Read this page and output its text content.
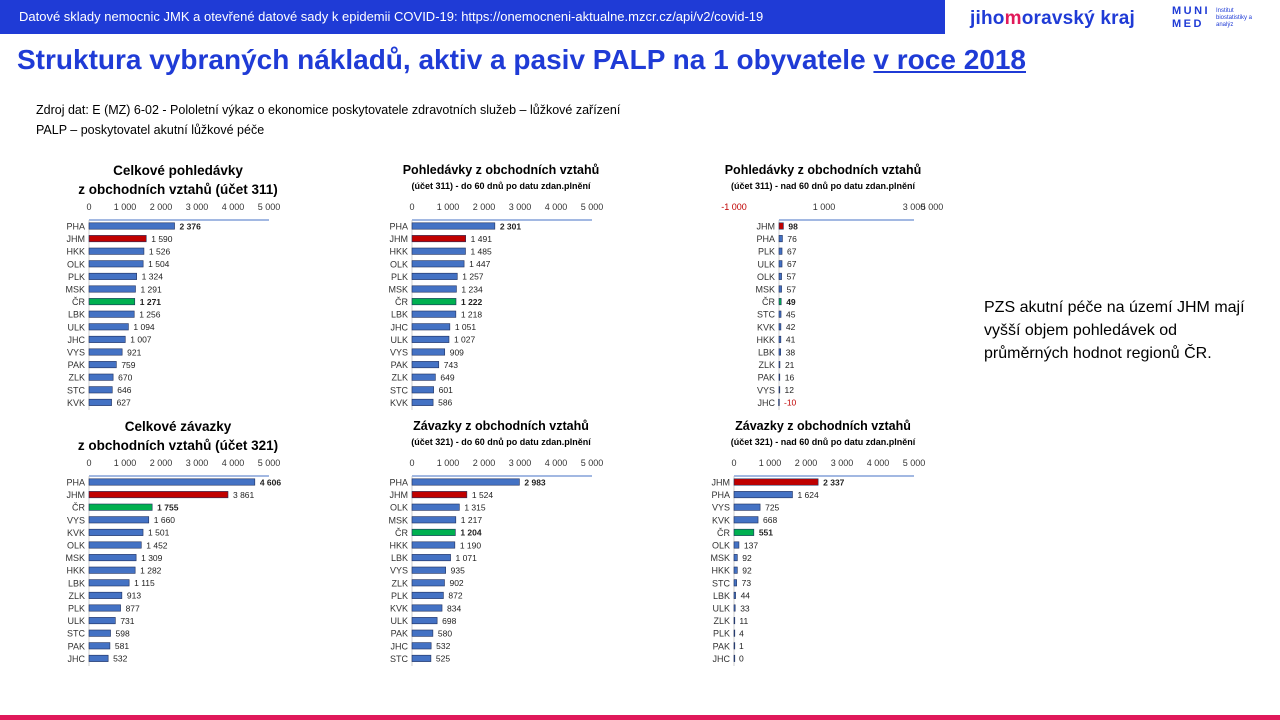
Datové sklady nemocnic JMK a otevřené datové sady k epidemii COVID-19: https://onemocneni-aktualne.mzcr.cz/api/v2/covid-19	jihomoravský kraj	MUNI MED
Institut biostatistiky a analýz
Struktura vybraných nákladů, aktiv a pasiv PALP na 1 obyvatele v roce 2018
Zdroj dat: E (MZ) 6-02 - Pololetní výkaz o ekonomice poskytovatele zdravotních služeb – lůžkové zařízení
PALP – poskytovatel akutní lůžkové péče
Celkové pohledávky
z obchodních vztahů (účet 311)
0 1 000 2 000 3 000 4 000 5 000
PHA	2 376
JHM	1 590
HKK	1 526
OLK	1 504
PLK	1 324
MSK	1 291
ČR	1 271
LBK	1 256
ULK	1 094
JHC	1 007
VYS	921
PAK	759
ZLK	670
STC	646
KVK	627
Pohledávky z obchodních vztahů
(účet 311) - do 60 dnů po datu zdan.plnění
0 1 000 2 000 3 000 4 000 5 000
PHA	2 301
JHM	1 491
HKK	1 485
OLK	1 447
PLK	1 257
MSK	1 234
ČR	1 222
LBK	1 218
JHC	1 051
ULK	1 027
VYS	909
PAK	743
ZLK	649
STC	601
KVK	586
Pohledávky z obchodních vztahů
(účet 311) - nad 60 dnů po datu zdan.plnění
-1 000	1 000	3 000
5 000
JHM 98
PHA 76
PLK 67
ULK 67
OLK 57
MSK 57
ČR 49
STC 45
KVK 42
HKK 41
LBK 38
ZLK 21
PAK 16
VYS 12
JHC -10
Celkové závazky
z obchodních vztahů (účet 321)
0 1 000 2 000 3 000 4 000 5 000
PHA	4 606
JHM	3 861
ČR	1 755
VYS	1 660
KVK	1 501
OLK	1 452
MSK	1 309
HKK	1 282
LBK	1 115
ZLK	913
PLK	877
ULK	731
STC	598
PAK	581
JHC	532
Závazky z obchodních vztahů
(účet 321) - do 60 dnů po datu zdan.plnění
0 1 000 2 000 3 000 4 000 5 000
PHA	2 983
JHM	1 524
OLK	1 315
MSK	1 217
ČR	1 204
HKK	1 190
LBK	1 071
VYS	935
ZLK	902
PLK	872
KVK	834
ULK	698
PAK	580
JHC	532
STC	525
Závazky z obchodních vztahů
(účet 321) - nad 60 dnů po datu zdan.plnění
0 1 000 2 000 3 000 4 000 5 000
JHM	2 337
PHA	1 624
VYS	725
KVK	668
ČR	551
OLK 137
MSK 92
HKK 92
STC 73
LBK 44
ULK 33
ZLK 11
PLK 4
PAK 1
JHC 0
PZS akutní péče na území JHM mají vyšší objem pohledávek od průměrných hodnot regionů ČR.
